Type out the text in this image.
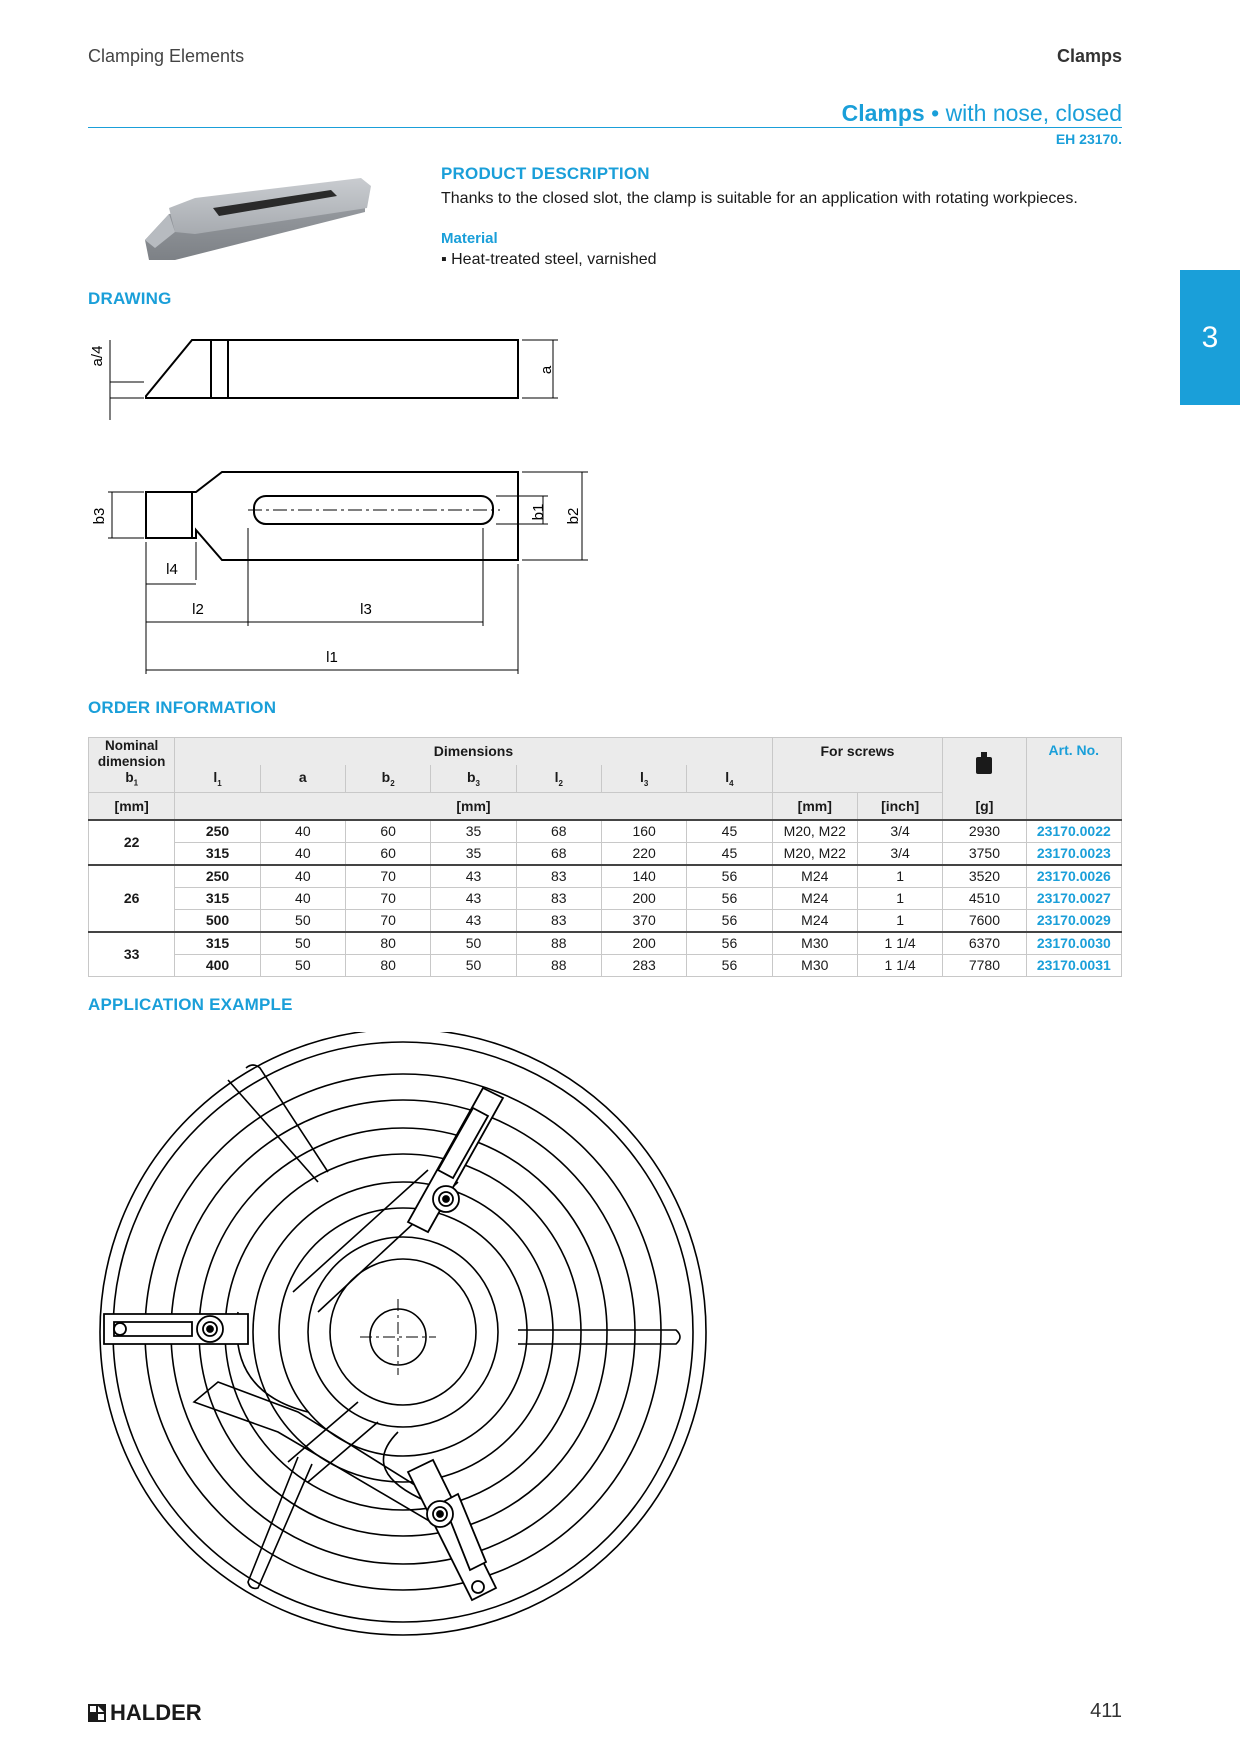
Clamping Elements	Clamps
Clamps • with nose, closed
EH 23170.
3
PRODUCT DESCRIPTION
Thanks to the closed slot, the clamp is suitable for an application with rotating workpieces.
Material
▪ Heat-treated steel, varnished
DRAWING
a/4
a
b3	b1 b2
l4
l2	l3
l1
ORDER INFORMATION
Nominal dimension
$b_1$	Dimensions							For screws			Art. No.
	$l_1$	a	$b_2$	$b_3$	$l_2$	$l_3$	$l_4$	
[mm]	[mm]							[mm]	[inch]	[g]	
22	250	40	60	35	68	160	45	M20, M22	3/4	2930	23170.0022
	315	40	60	35	68	220	45	M20, M22	3/4	3750	23170.0023
26	250	40	70	43	83	140	56	M24	1	3520	23170.0026
	315	40	70	43	83	200	56	M24	1	4510	23170.0027
	500	50	70	43	83	370	56	M24	1	7600	23170.0029
33	315	50	80	50	88	200	56	M30	1 1/4	6370	23170.0030
	400	50	80	50	88	283	56	M30	1 1/4	7780	23170.0031
APPLICATION EXAMPLE
HALDER	411
